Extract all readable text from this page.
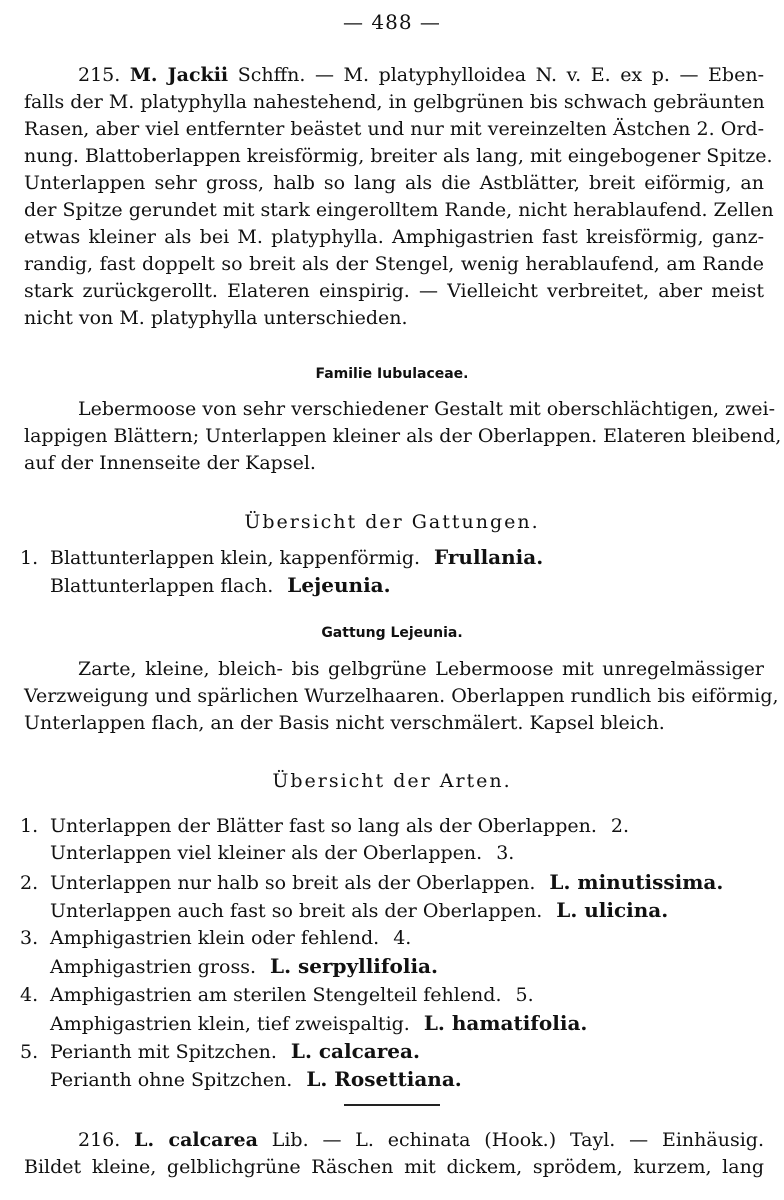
— 488 —
215. M. Jackii Schffn. — M. platyphylloidea N. v. E. ex p. — Eben-
falls der M. platyphylla nahestehend, in gelbgrünen bis schwach gebräunten
Rasen, aber viel entfernter beästet und nur mit vereinzelten Ästchen 2. Ord-
nung. Blattoberlappen kreisförmig, breiter als lang, mit eingebogener Spitze.
Unterlappen sehr gross, halb so lang als die Astblätter, breit eiförmig, an
der Spitze gerundet mit stark eingerolltem Rande, nicht herablaufend. Zellen
etwas kleiner als bei M. platyphylla. Amphigastrien fast kreisförmig, ganz-
randig, fast doppelt so breit als der Stengel, wenig herablaufend, am Rande
stark zurückgerollt. Elateren einspirig. — Vielleicht verbreitet, aber meist
nicht von M. platyphylla unterschieden.
Familie Iubulaceae.
Lebermoose von sehr verschiedener Gestalt mit oberschlächtigen, zwei-
lappigen Blättern; Unterlappen kleiner als der Oberlappen. Elateren bleibend,
auf der Innenseite der Kapsel.
Übersicht der Gattungen.
1. Blattunterlappen klein, kappenförmig. Frullania.
Blattunterlappen flach. Lejeunia.
Gattung Lejeunia.
Zarte, kleine, bleich- bis gelbgrüne Lebermoose mit unregelmässiger
Verzweigung und spärlichen Wurzelhaaren. Oberlappen rundlich bis eiförmig,
Unterlappen flach, an der Basis nicht verschmälert. Kapsel bleich.
Übersicht der Arten.
1. Unterlappen der Blätter fast so lang als der Oberlappen. 2.
Unterlappen viel kleiner als der Oberlappen. 3.
2. Unterlappen nur halb so breit als der Oberlappen. L. minutissima.
Unterlappen auch fast so breit als der Oberlappen. L. ulicina.
3. Amphigastrien klein oder fehlend. 4.
Amphigastrien gross. L. serpyllifolia.
4. Amphigastrien am sterilen Stengelteil fehlend. 5.
Amphigastrien klein, tief zweispaltig. L. hamatifolia.
5. Perianth mit Spitzchen. L. calcarea.
Perianth ohne Spitzchen. L. Rosettiana.
216. L. calcarea Lib. — L. echinata (Hook.) Tayl. — Einhäusig.
Bildet kleine, gelblichgrüne Räschen mit dickem, sprödem, kurzem, lang
